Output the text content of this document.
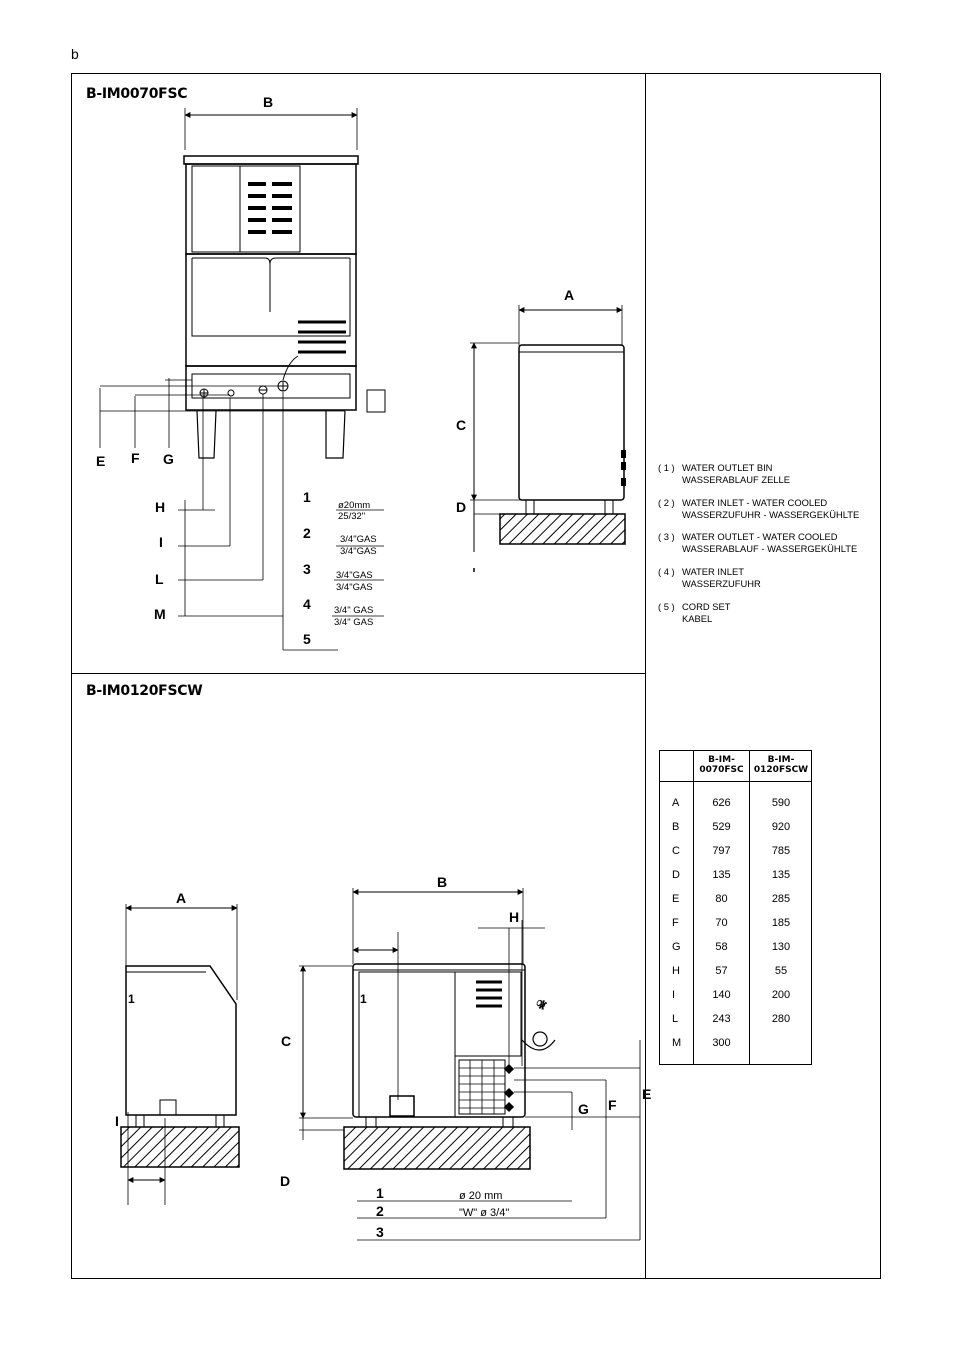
b
B-IM0070FSC
B-IM0120FSCW
B
E F G
H
I
L
M
1
ø20mm
25/32"
2	3/4"GAS
3/4"GAS
3	3/4"GAS
3/4"GAS
4 3/4" GAS
3/4" GAS
5
A
C
D
A
1
I
B
H
1	☠
C
D
E
F
G
1	ø 20 mm
2	"W" ø 3/4"
3
( 1 ) WATER OUTLET BIN
WASSERABLAUF ZELLE
( 2 ) WATER INLET - WATER COOLED
WASSERZUFUHR - WASSERGEKÜHLTE
( 3 ) WATER OUTLET - WATER COOLED
WASSERABLAUF - WASSERGEKÜHLTE
( 4 ) WATER INLET
WASSERZUFUHR
( 5 ) CORD SET
KABEL
B-IM-
0070FSC
B-IM-
0120FSCW
A	626	590
B	529	920
C	797	785
D	135	135
E	80	285
F	70	185
G	58	130
H	57	55
I	140	200
L	243	280
M	300
